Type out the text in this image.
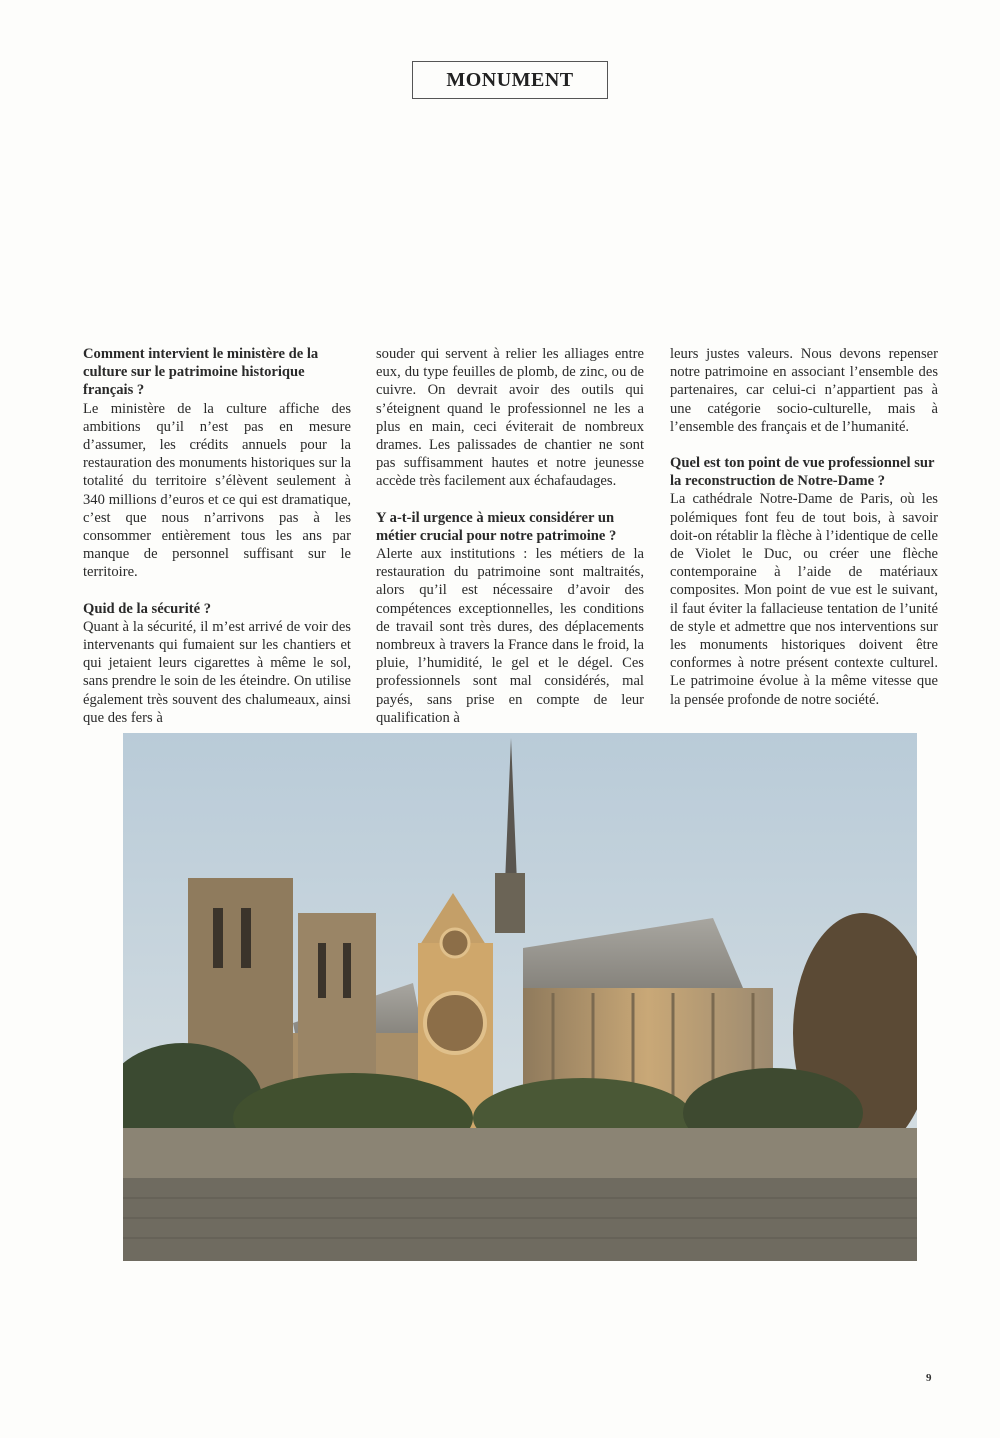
MONUMENT
Comment intervient le ministère de la culture sur le patrimoine historique français ?

Le ministère de la culture affiche des ambitions qu’il n’est pas en mesure d’assumer, les crédits annuels pour la restauration des monuments historiques sur la totalité du territoire s’élèvent seulement à 340 millions d’euros et ce qui est dramatique, c’est que nous n’arrivons pas à les consommer entièrement tous les ans par manque de personnel suffisant sur le territoire.

Quid de la sécurité ?

Quant à la sécurité, il m’est arrivé de voir des intervenants qui fumaient sur les chantiers et qui jetaient leurs cigarettes à même le sol, sans prendre le soin de les éteindre. On utilise également très souvent des chalumeaux, ainsi que des fers à

souder qui servent à relier les alliages entre eux, du type feuilles de plomb, de zinc, ou de cuivre. On devrait avoir des outils qui s’éteignent quand le professionnel ne les a plus en main, ceci éviterait de nombreux drames. Les palissades de chantier ne sont pas suffisamment hautes et notre jeunesse accède très facilement aux échafaudages.

Y a-t-il urgence à mieux considérer un métier crucial pour notre patrimoine ?

Alerte aux institutions : les métiers de la restauration du patrimoine sont maltraités, alors qu’il est nécessaire d’avoir des compétences exceptionnelles, les conditions de travail sont très dures, des déplacements nombreux à travers la France dans le froid, la pluie, l’humidité, le gel et le dégel. Ces professionnels sont mal considérés, mal payés, sans prise en compte de leur qualification à

leurs justes valeurs. Nous devons repenser notre patrimoine en associant l’ensemble des partenaires, car celui-ci n’appartient pas à une catégorie socio-culturelle, mais à l’ensemble des français et de l’humanité.

Quel est ton point de vue professionnel sur la reconstruction de Notre-Dame ?

La cathédrale Notre-Dame de Paris, où les polémiques font feu de tout bois, à savoir doit-on rétablir la flèche à l’identique de celle de Violet le Duc, ou créer une flèche contemporaine à l’aide de matériaux composites. Mon point de vue est le suivant, il faut éviter la fallacieuse tentation de l’unité de style et admettre que nos interventions sur les monuments historiques doivent être conformes à notre présent contexte culturel. Le patrimoine évolue à la même vitesse que la pensée profonde de notre société.

9
